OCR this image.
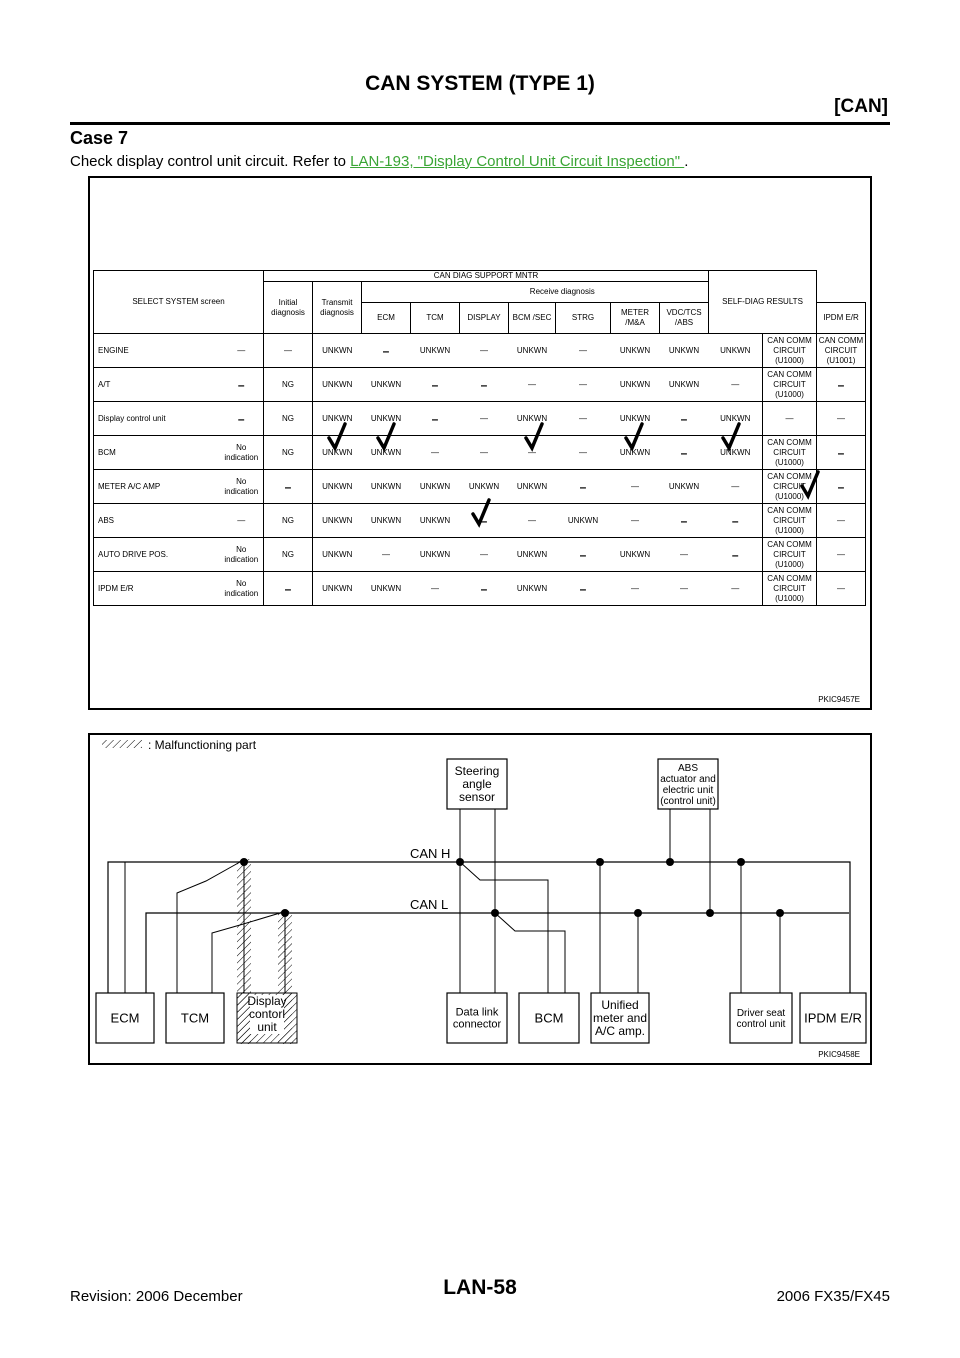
CAN SYSTEM (TYPE 1)
[CAN]
Case 7
Check display control unit circuit. Refer to LAN-193, "Display Control Unit Circuit Inspection" .
SELECT SYSTEM screen		CAN DIAG SUPPORT MNTR									SELF-DIAG RESULTS		
		Initial diagnosis	Transmit diagnosis	Receive diagnosis									
				ECM	TCM	DISPLAY	BCM /SEC	STRG	METER /M&A	VDC/TCS /ABS			IPDM E/R
ENGINE	—	—	UNKWN	–	UNKWN	—	UNKWN	—	UNKWN	UNKWN	UNKWN	CAN COMM CIRCUIT (U1000)	CAN COMM CIRCUIT (U1001)
A/T	–	NG	UNKWN	UNKWN	–	–	—	—	UNKWN	UNKWN	—	CAN COMM CIRCUIT (U1000)	–
Display control unit	–	NG	UNKWN	UNKWN	–	—	UNKWN	—	UNKWN	–	UNKWN	—	—
BCM	No indication	NG	UNKWN	UNKWN	—	—	—	—	UNKWN	–	UNKWN	CAN COMM CIRCUIT (U1000)	–
METER A/C AMP	No indication	–	UNKWN	UNKWN	UNKWN	UNKWN	UNKWN	–	—	UNKWN	—	CAN COMM CIRCUIT (U1000)	–
ABS	—	NG	UNKWN	UNKWN	UNKWN	–	—	UNKWN	—	–	–	CAN COMM CIRCUIT (U1000)	—
AUTO DRIVE POS.	No indication	NG	UNKWN	—	UNKWN	—	UNKWN	–	UNKWN	—	–	CAN COMM CIRCUIT (U1000)	—
IPDM E/R	No indication	–	UNKWN	UNKWN	—	–	UNKWN	–	—	—	—	CAN COMM CIRCUIT (U1000)	—
PKIC9457E
: Malfunctioning part
CAN H
CAN L
ECM	TCM
Display
contorl
unit
Data link
connector	BCM
Unified
meter and
A/C amp.
Driver seat
control unit IPDM E/R
Steering
angle
sensor
ABS
actuator and
electric unit
(control unit)
PKIC9458E
Revision: 2006 December	LAN-58	2006 FX35/FX45
